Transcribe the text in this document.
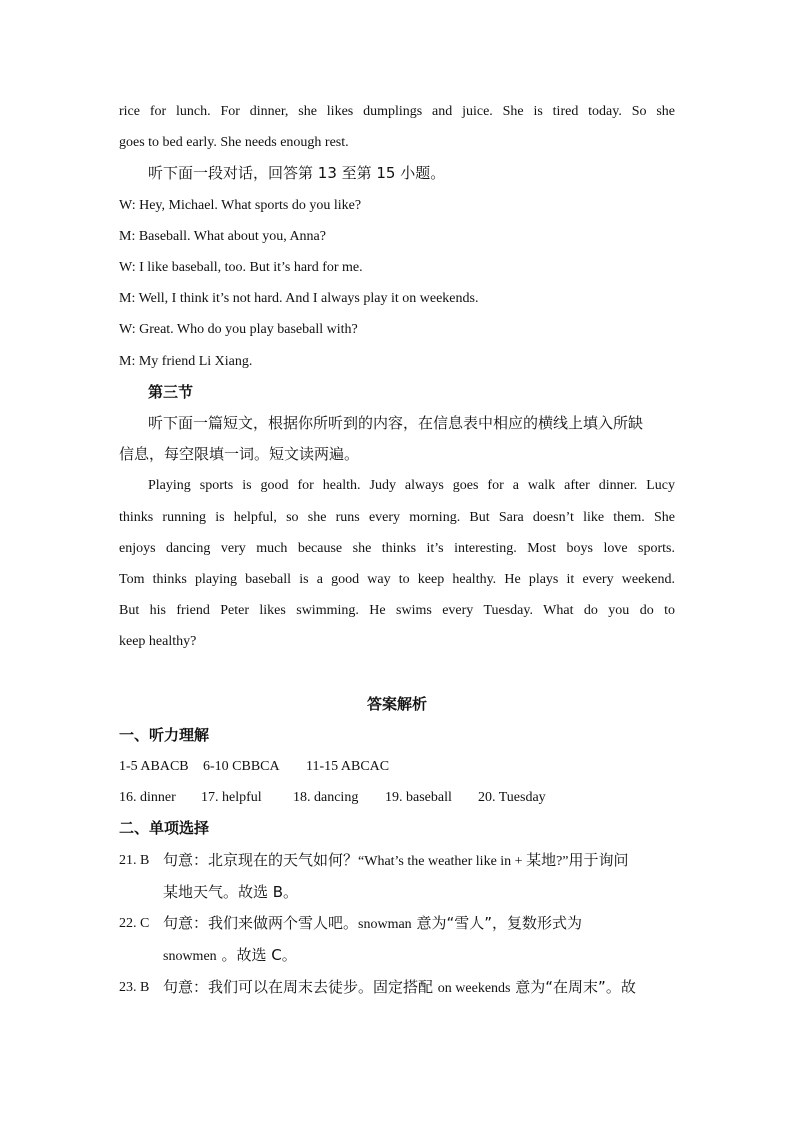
rice for lunch. For dinner, she likes dumplings and juice. She is tired today. So she

goes to bed early. She needs enough rest.

听下面一段对话，回答第 13 至第 15 小题。

W: Hey, Michael. What sports do you like?

M: Baseball. What about you, Anna?

W: I like baseball, too. But it’s hard for me.

M: Well, I think it’s not hard. And I always play it on weekends.

W: Great. Who do you play baseball with?

M: My friend Li Xiang.

第三节

听下面一篇短文，根据你所听到的内容，在信息表中相应的横线上填入所缺

信息，每空限填一词。短文读两遍。

Playing sports is good for health. Judy always goes for a walk after dinner. Lucy

thinks running is helpful, so she runs every morning. But Sara doesn’t like them. She

enjoys dancing very much because she thinks it’s interesting. Most boys love sports.

Tom thinks playing baseball is a good way to keep healthy. He plays it every weekend.

But his friend Peter likes swimming. He swims every Tuesday. What do you do to

keep healthy?

答案解析

一、听力理解

1-5 ABACB	6-10 CBBCA	11-15 ABCAC
16. dinner	17. helpful	18. dancing	19. baseball	20. Tuesday

二、单项选择

21. B 句意：北京现在的天气如何？“What’s the weather like in + 某地?”用于询问
某地天气。故选 B。
22. C 句意：我们来做两个雪人吧。snowman 意为“雪人”，复数形式为
snowmen 。故选 C。
23. B 句意：我们可以在周末去徒步。固定搭配 on weekends 意为“在周末”。故
